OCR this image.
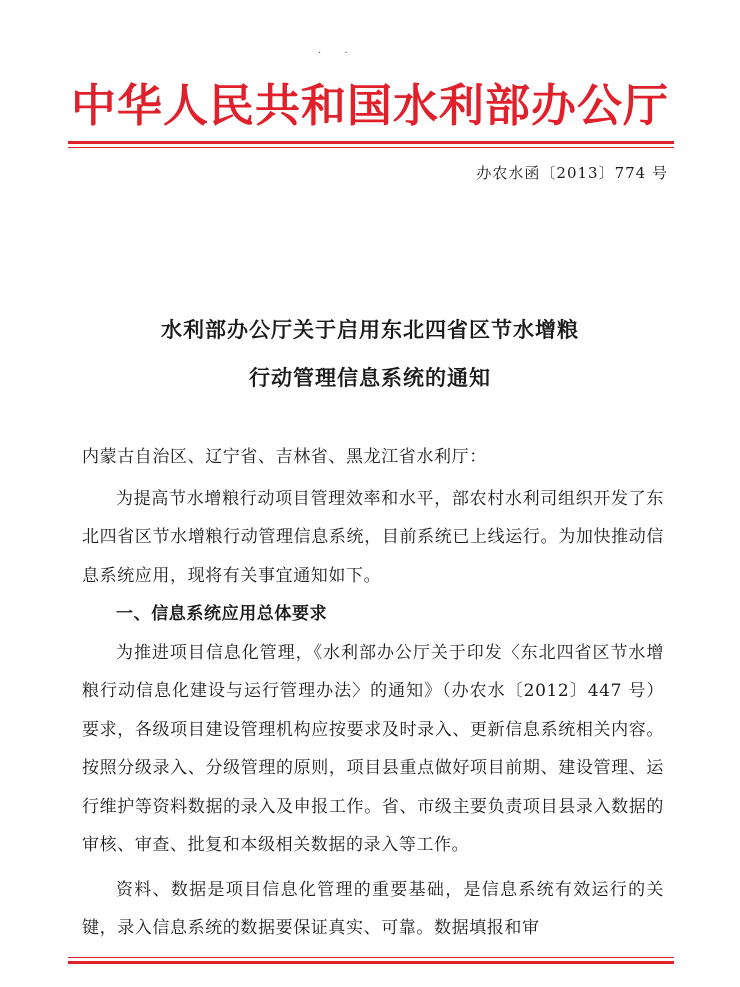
· ·
中华人民共和国水利部办公厅
办农水函〔2013〕774 号
水利部办公厅关于启用东北四省区节水增粮
行动管理信息系统的通知

内蒙古自治区、辽宁省、吉林省、黑龙江省水利厅：

为提高节水增粮行动项目管理效率和水平，部农村水利司组织开发了东北四省区节水增粮行动管理信息系统，目前系统已上线运行。为加快推动信息系统应用，现将有关事宜通知如下。

一、信息系统应用总体要求

为推进项目信息化管理，《水利部办公厅关于印发〈东北四省区节水增粮行动信息化建设与运行管理办法〉的通知》（办农水〔2012〕447 号）要求，各级项目建设管理机构应按要求及时录入、更新信息系统相关内容。按照分级录入、分级管理的原则，项目县重点做好项目前期、建设管理、运行维护等资料数据的录入及申报工作。省、市级主要负责项目县录入数据的审核、审查、批复和本级相关数据的录入等工作。

资料、数据是项目信息化管理的重要基础，是信息系统有效运行的关键，录入信息系统的数据要保证真实、可靠。数据填报和审
